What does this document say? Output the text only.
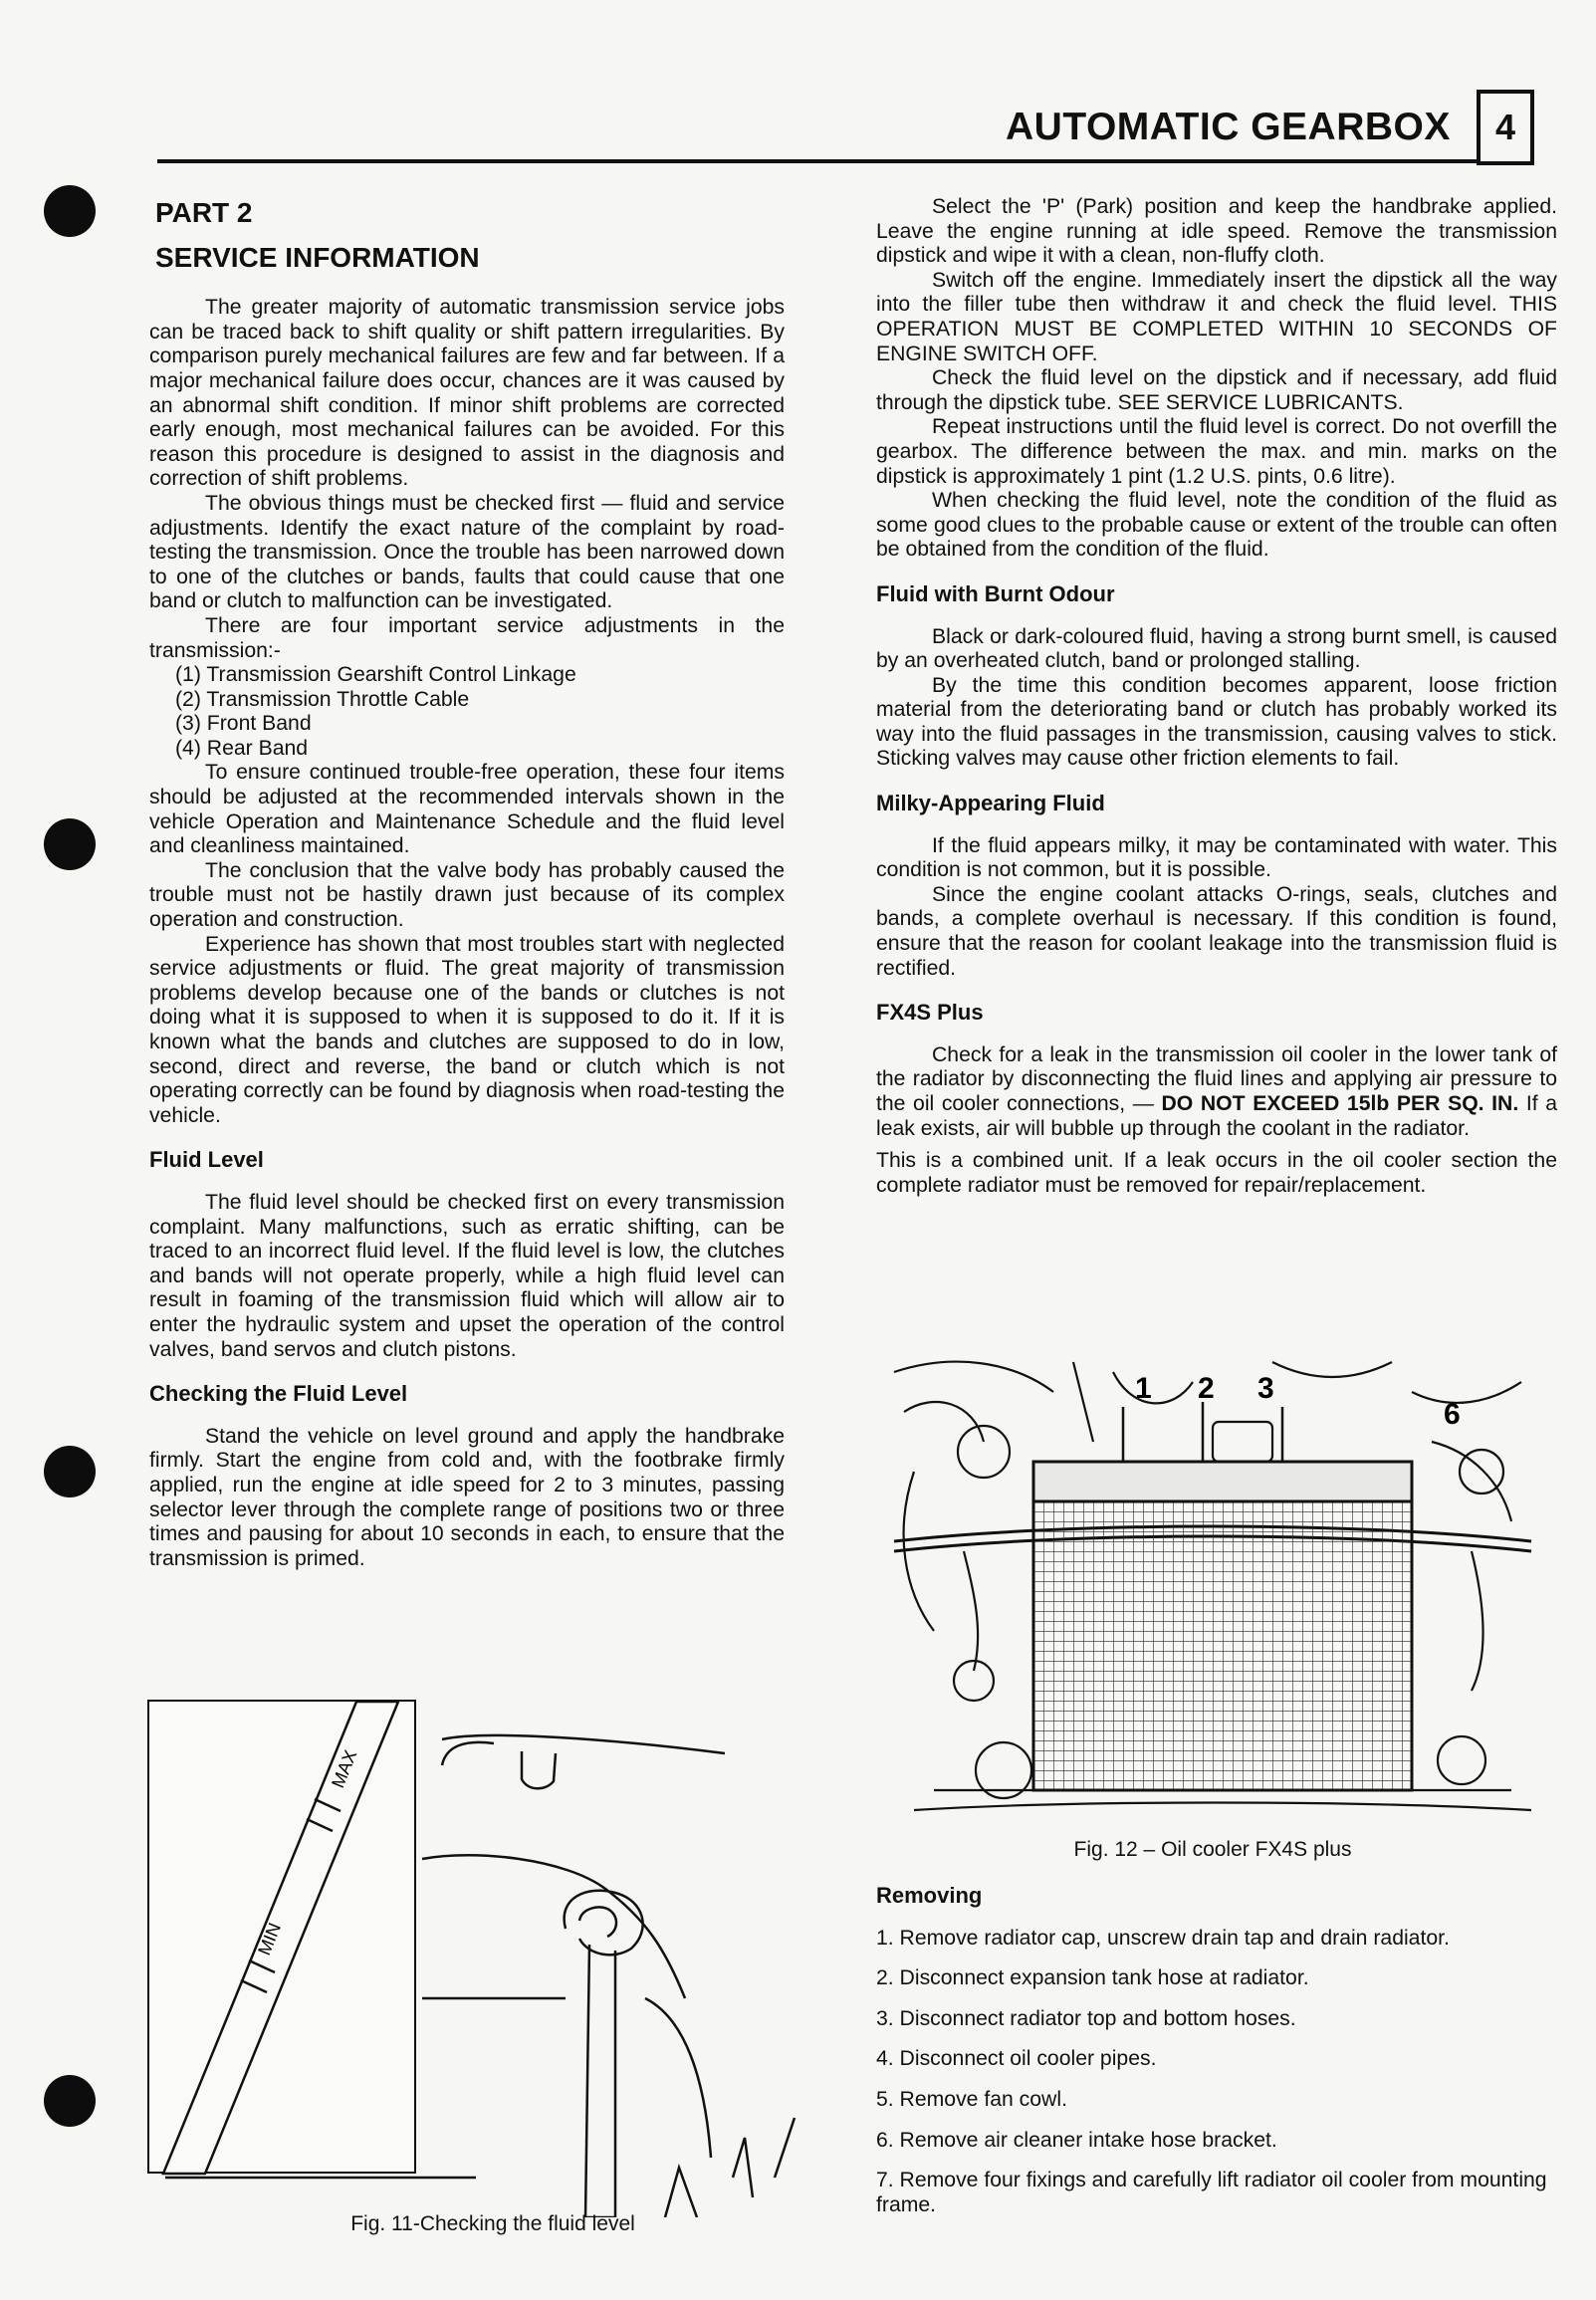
AUTOMATIC GEARBOX	4
PART 2
SERVICE INFORMATION

The greater majority of automatic transmission service jobs can be traced back to shift quality or shift pattern irregularities. By comparison purely mechanical failures are few and far between. If a major mechanical failure does occur, chances are it was caused by an abnormal shift condition. If minor shift problems are corrected early enough, most mechanical failures can be avoided. For this reason this procedure is designed to assist in the diagnosis and correction of shift problems.

The obvious things must be checked first — fluid and service adjustments. Identify the exact nature of the complaint by road-testing the transmission. Once the trouble has been narrowed down to one of the clutches or bands, faults that could cause that one band or clutch to malfunction can be investigated.

There are four important service adjustments in the transmission:-

(1) Transmission Gearshift Control Linkage
(2) Transmission Throttle Cable
(3) Front Band
(4) Rear Band

To ensure continued trouble-free operation, these four items should be adjusted at the recommended intervals shown in the vehicle Operation and Maintenance Schedule and the fluid level and cleanliness maintained.

The conclusion that the valve body has probably caused the trouble must not be hastily drawn just because of its complex operation and construction.

Experience has shown that most troubles start with neglected service adjustments or fluid. The great majority of transmission problems develop because one of the bands or clutches is not doing what it is supposed to when it is supposed to do it. If it is known what the bands and clutches are supposed to do in low, second, direct and reverse, the band or clutch which is not operating correctly can be found by diagnosis when road-testing the vehicle.

Fluid Level

The fluid level should be checked first on every transmission complaint. Many malfunctions, such as erratic shifting, can be traced to an incorrect fluid level. If the fluid level is low, the clutches and bands will not operate properly, while a high fluid level can result in foaming of the transmission fluid which will allow air to enter the hydraulic system and upset the operation of the control valves, band servos and clutch pistons.

Checking the Fluid Level

Stand the vehicle on level ground and apply the handbrake firmly. Start the engine from cold and, with the footbrake firmly applied, run the engine at idle speed for 2 to 3 minutes, passing selector lever through the complete range of positions two or three times and pausing for about 10 seconds in each, to ensure that the transmission is primed.

MAX
MIN
Fig. 11-Checking the fluid level

Select the 'P' (Park) position and keep the handbrake applied. Leave the engine running at idle speed. Remove the transmission dipstick and wipe it with a clean, non-fluffy cloth.

Switch off the engine. Immediately insert the dipstick all the way into the filler tube then withdraw it and check the fluid level. THIS OPERATION MUST BE COMPLETED WITHIN 10 SECONDS OF ENGINE SWITCH OFF.

Check the fluid level on the dipstick and if necessary, add fluid through the dipstick tube. SEE SERVICE LUBRICANTS.

Repeat instructions until the fluid level is correct. Do not overfill the gearbox. The difference between the max. and min. marks on the dipstick is approximately 1 pint (1.2 U.S. pints, 0.6 litre).

When checking the fluid level, note the condition of the fluid as some good clues to the probable cause or extent of the trouble can often be obtained from the condition of the fluid.

Fluid with Burnt Odour

Black or dark-coloured fluid, having a strong burnt smell, is caused by an overheated clutch, band or prolonged stalling.

By the time this condition becomes apparent, loose friction material from the deteriorating band or clutch has probably worked its way into the fluid passages in the transmission, causing valves to stick. Sticking valves may cause other friction elements to fail.

Milky-Appearing Fluid

If the fluid appears milky, it may be contaminated with water. This condition is not common, but it is possible.

Since the engine coolant attacks O-rings, seals, clutches and bands, a complete overhaul is necessary. If this condition is found, ensure that the reason for coolant leakage into the transmission fluid is rectified.

FX4S Plus

Check for a leak in the transmission oil cooler in the lower tank of the radiator by disconnecting the fluid lines and applying air pressure to the oil cooler connections, — DO NOT EXCEED 15lb PER SQ. IN. If a leak exists, air will bubble up through the coolant in the radiator.

This is a combined unit. If a leak occurs in the oil cooler section the complete radiator must be removed for repair/replacement.

1 2 3
6
Fig. 12 – Oil cooler FX4S plus
Removing
1. Remove radiator cap, unscrew drain tap and drain radiator.
2. Disconnect expansion tank hose at radiator.
3. Disconnect radiator top and bottom hoses.
4. Disconnect oil cooler pipes.
5. Remove fan cowl.
6. Remove air cleaner intake hose bracket.
7. Remove four fixings and carefully lift radiator oil cooler from mounting frame.
